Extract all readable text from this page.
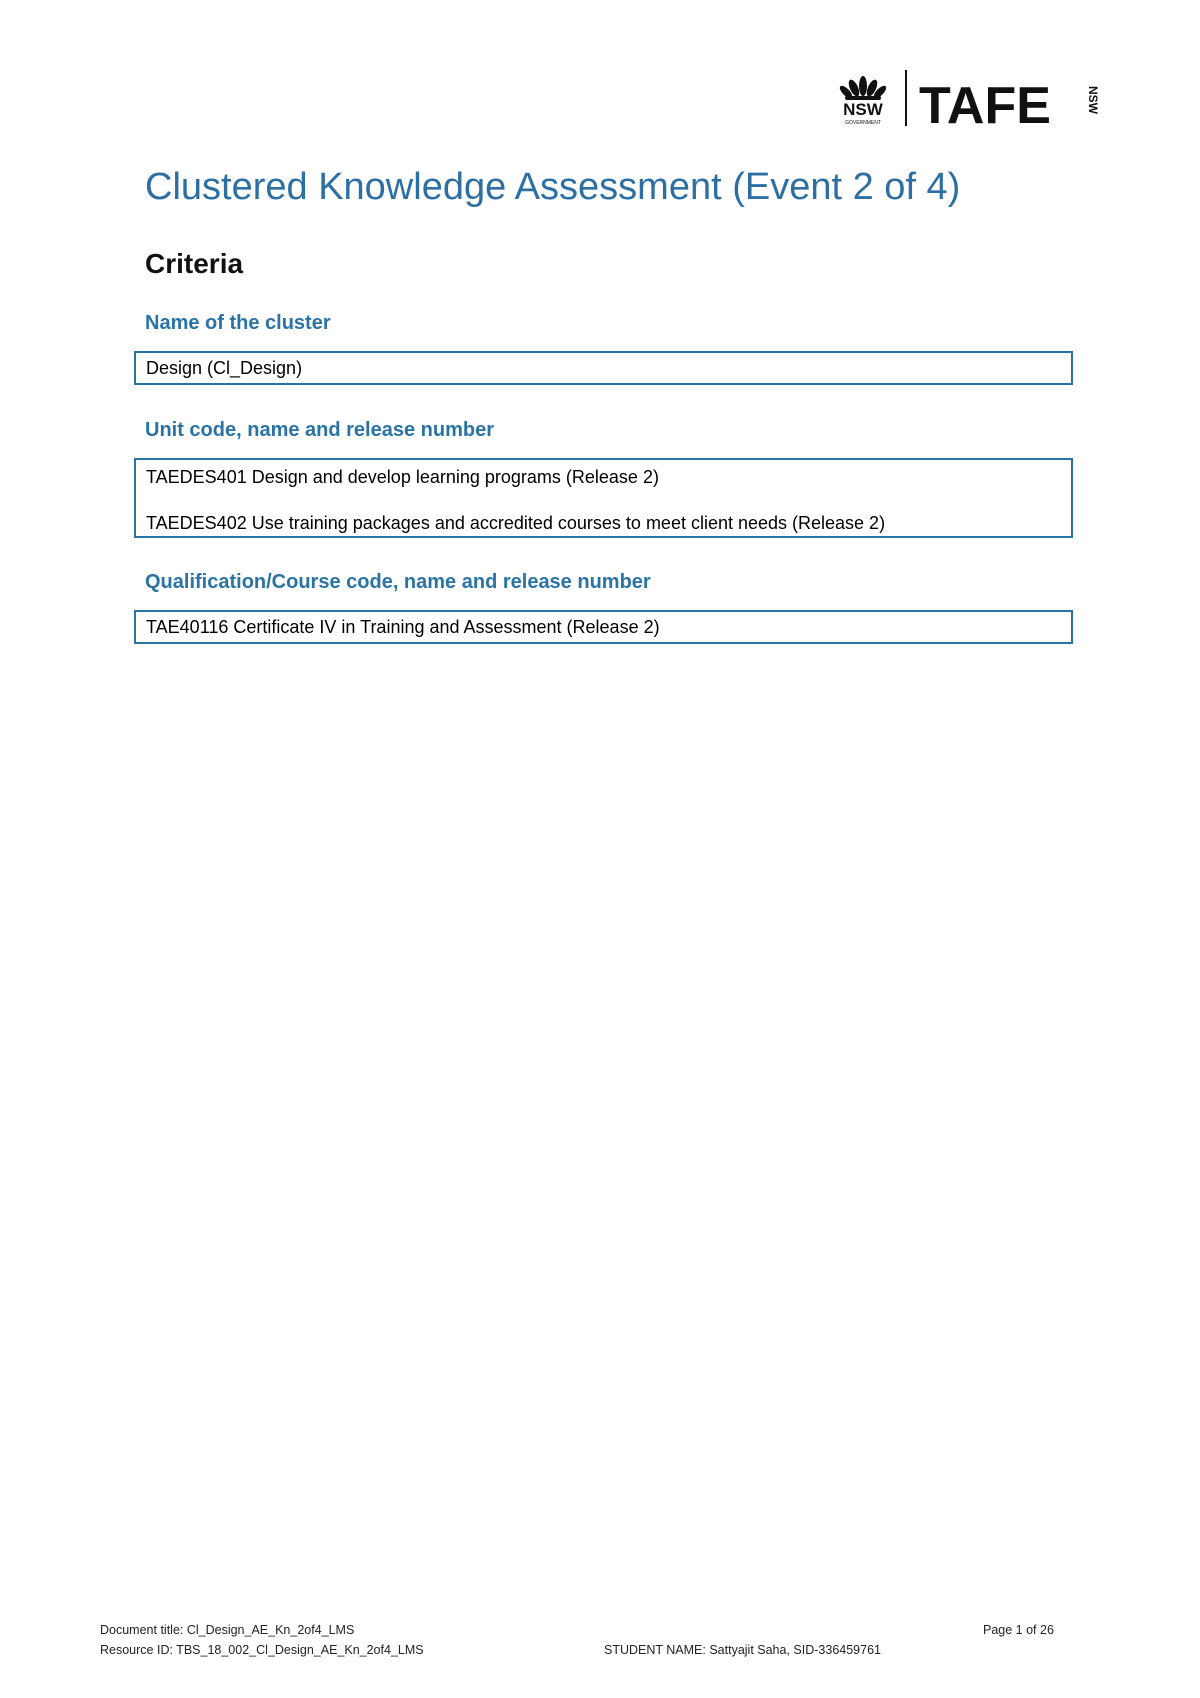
NSW
GOVERNMENT TAFE	NSW
Clustered Knowledge Assessment (Event 2 of 4)
Criteria
Name of the cluster
Design (Cl_Design)
Unit code, name and release number
TAEDES401 Design and develop learning programs (Release 2)
TAEDES402 Use training packages and accredited courses to meet client needs (Release 2)
Qualification/Course code, name and release number
TAE40116 Certificate IV in Training and Assessment (Release 2)
Document title: Cl_Design_AE_Kn_2of4_LMS	Page 1 of 26
Resource ID: TBS_18_002_Cl_Design_AE_Kn_2of4_LMS	STUDENT NAME: Sattyajit Saha, SID-336459761
